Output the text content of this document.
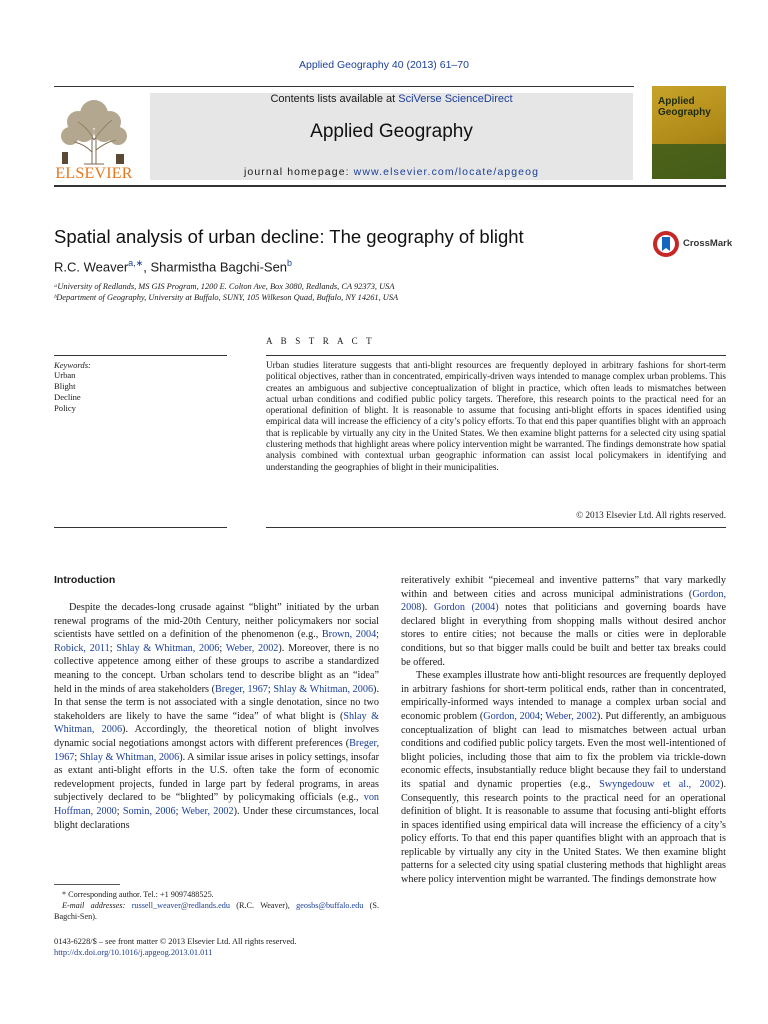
Applied Geography 40 (2013) 61–70
ELSEVIER
Contents lists available at SciVerse ScienceDirect
Applied Geography
journal homepage: www.elsevier.com/locate/apgeog
Applied
Geography
Spatial analysis of urban decline: The geography of blight	CrossMark
R.C. Weaver$^{a,∗}$, Sharmistha Bagchi-Sen$^b$
ᵃUniversity of Redlands, MS GIS Program, 1200 E. Colton Ave, Box 3080, Redlands, CA 92373, USA
ᵇDepartment of Geography, University at Buffalo, SUNY, 105 Wilkeson Quad, Buffalo, NY 14261, USA
Keywords:
Urban
Blight
Decline
Policy
A B S T R A C T
Urban studies literature suggests that anti-blight resources are frequently deployed in arbitrary fashions for short-term political objectives, rather than in concentrated, empirically-driven ways intended to manage complex urban problems. This creates an ambiguous and subjective conceptualization of blight in practice, which often leads to mismatches between actual urban conditions and codified public policy targets. Therefore, this research points to the practical need for an operational definition of blight. It is reasonable to assume that focusing anti-blight efforts in spaces identified using empirical data will increase the efficiency of a city’s policy efforts. To that end this paper quantifies blight with an approach that is replicable by virtually any city in the United States. We then examine blight patterns for a selected city using spatial clustering methods that highlight areas where policy intervention might be warranted. The findings demonstrate how spatial analysis combined with contextual urban geographic information can assist local policymakers in identifying and understanding the geographies of blight in their municipalities.
© 2013 Elsevier Ltd. All rights reserved.
Introduction

Despite the decades-long crusade against “blight” initiated by the urban renewal programs of the mid-20th Century, neither policymakers nor social scientists have settled on a definition of the phenomenon (e.g., Brown, 2004; Robick, 2011; Shlay & Whitman, 2006; Weber, 2002). Moreover, there is no collective appetence among either of these groups to ascribe a standardized meaning to the concept. Urban scholars tend to describe blight as an “idea” held in the minds of area stakeholders (Breger, 1967; Shlay & Whitman, 2006). In that sense the term is not associated with a single denotation, since no two stakeholders are likely to have the same “idea” of what blight is (Shlay & Whitman, 2006). Accordingly, the theoretical notion of blight involves dynamic social negotiations amongst actors with different preferences (Breger, 1967; Shlay & Whitman, 2006). A similar issue arises in policy settings, insofar as extant anti-blight efforts in the U.S. often take the form of economic redevelopment projects, funded in large part by federal programs, in areas subjectively declared to be “blighted” by policymaking officials (e.g., von Hoffman, 2000; Somin, 2006; Weber, 2002). Under these circumstances, local blight declarations

reiteratively exhibit “piecemeal and inventive patterns” that vary markedly within and between cities and across municipal administrations (Gordon, 2008). Gordon (2004) notes that politicians and governing boards have declared blight in everything from shopping malls without desired anchor stores to entire cities; not because the malls or cities were in deplorable conditions, but so that bigger malls could be built and better tax breaks could be offered.

These examples illustrate how anti-blight resources are frequently deployed in arbitrary fashions for short-term political ends, rather than in concentrated, empirically-informed ways intended to manage a complex urban social and economic problem (Gordon, 2004; Weber, 2002). Put differently, an ambiguous conceptualization of blight can lead to mismatches between actual urban conditions and codified public policy targets. Even the most well-intentioned of blight policies, including those that aim to fix the problem via trickle-down economic effects, insubstantially reduce blight because they fail to understand its spatial and dynamic properties (e.g., Swyngedouw et al., 2002). Consequently, this research points to the practical need for an operational definition of blight. It is reasonable to assume that focusing anti-blight efforts in spaces identified using empirical data will increase the efficiency of a city’s policy efforts. To that end this paper quantifies blight with an approach that is replicable by virtually any city in the United States. We then examine blight patterns for a selected city using spatial clustering methods that highlight areas where policy intervention might be warranted. The findings demonstrate how

* Corresponding author. Tel.: +1 9097488525.
E-mail addresses: russell_weaver@redlands.edu (R.C. Weaver), geosbs@buffalo.edu (S. Bagchi-Sen).
0143-6228/$ – see front matter © 2013 Elsevier Ltd. All rights reserved.
http://dx.doi.org/10.1016/j.apgeog.2013.01.011
